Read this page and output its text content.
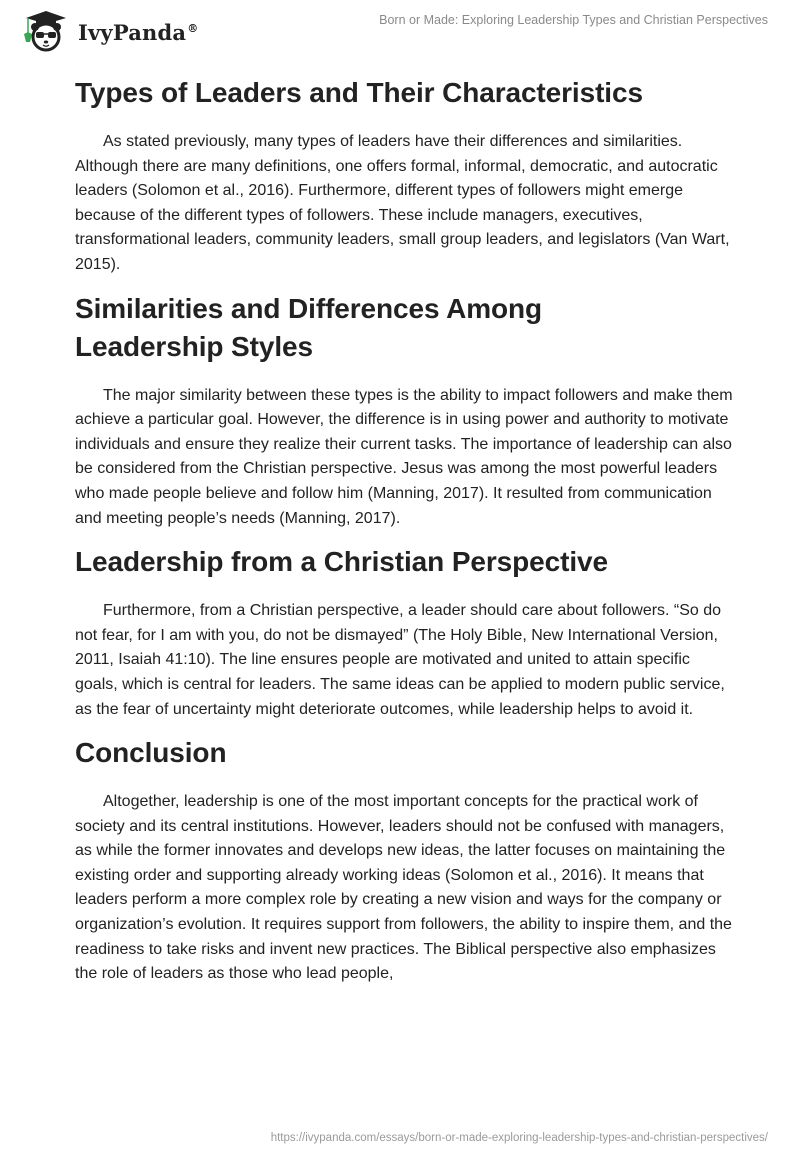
IvyPanda®
Born or Made: Exploring Leadership Types and Christian Perspectives
Types of Leaders and Their Characteristics

As stated previously, many types of leaders have their differences and similarities. Although there are many definitions, one offers formal, informal, democratic, and autocratic leaders (Solomon et al., 2016). Furthermore, different types of followers might emerge because of the different types of followers. These include managers, executives, transformational leaders, community leaders, small group leaders, and legislators (Van Wart, 2015).

Similarities and Differences Among Leadership Styles

The major similarity between these types is the ability to impact followers and make them achieve a particular goal. However, the difference is in using power and authority to motivate individuals and ensure they realize their current tasks. The importance of leadership can also be considered from the Christian perspective. Jesus was among the most powerful leaders who made people believe and follow him (Manning, 2017). It resulted from communication and meeting people’s needs (Manning, 2017).

Leadership from a Christian Perspective

Furthermore, from a Christian perspective, a leader should care about followers. “So do not fear, for I am with you, do not be dismayed” (The Holy Bible, New International Version, 2011, Isaiah 41:10). The line ensures people are motivated and united to attain specific goals, which is central for leaders. The same ideas can be applied to modern public service, as the fear of uncertainty might deteriorate outcomes, while leadership helps to avoid it.

Conclusion

Altogether, leadership is one of the most important concepts for the practical work of society and its central institutions. However, leaders should not be confused with managers, as while the former innovates and develops new ideas, the latter focuses on maintaining the existing order and supporting already working ideas (Solomon et al., 2016). It means that leaders perform a more complex role by creating a new vision and ways for the company or organization’s evolution. It requires support from followers, the ability to inspire them, and the readiness to take risks and invent new practices. The Biblical perspective also emphasizes the role of leaders as those who lead people,

https://ivypanda.com/essays/born-or-made-exploring-leadership-types-and-christian-perspectives/
